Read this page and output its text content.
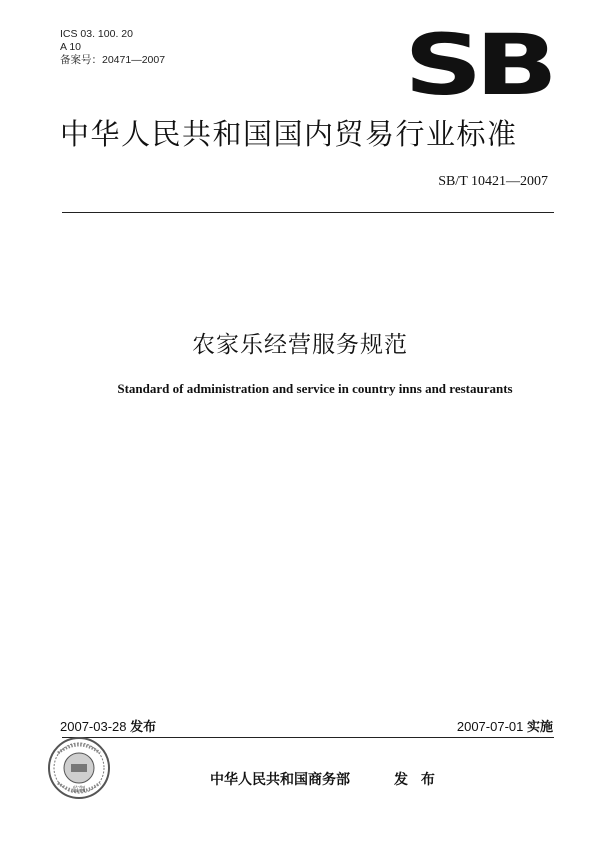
ICS 03. 100. 20
A 10
备案号：20471—2007	SB
中华人民共和国国内贸易行业标准
SB/T 10421—2007
农家乐经营服务规范
Standard of administration and service in country inns and restaurants
2007-03-28 发布	2007-07-01 实施
监制
中华人民共和国商务部	发 布
